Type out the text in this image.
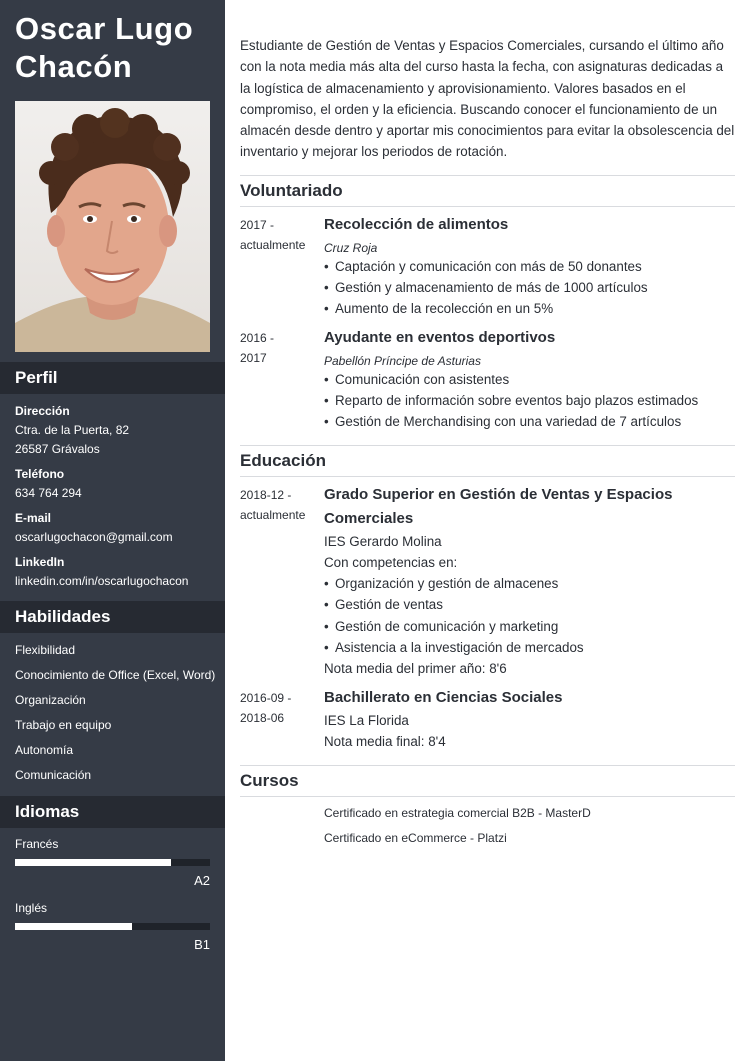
Oscar Lugo Chacón
Perfil
Dirección
Ctra. de la Puerta, 82
26587 Grávalos
Teléfono
634 764 294
E-mail
oscarlugochacon@gmail.com
LinkedIn
linkedin.com/in/oscarlugochacon
Habilidades
Flexibilidad
Conocimiento de Office (Excel, Word)
Organización
Trabajo en equipo
Autonomía
Comunicación
Idiomas
Francés
A2
Inglés
B1
Estudiante de Gestión de Ventas y Espacios Comerciales, cursando el último año con la nota media más alta del curso hasta la fecha, con asignaturas dedicadas a la logística de almacenamiento y aprovisionamiento. Valores basados en el compromiso, el orden y la eficiencia. Buscando conocer el funcionamiento de un almacén desde dentro y aportar mis conocimientos para evitar la obsolescencia del inventario y mejorar los periodos de rotación.
Voluntariado
2017 -
actualmente
Recolección de alimentos
Cruz Roja
• Captación y comunicación con más de 50 donantes
• Gestión y almacenamiento de más de 1000 artículos
• Aumento de la recolección en un 5%
2016 -
2017
Ayudante en eventos deportivos
Pabellón Príncipe de Asturias
• Comunicación con asistentes
• Reparto de información sobre eventos bajo plazos estimados
• Gestión de Merchandising con una variedad de 7 artículos
Educación
2018-12 -
actualmente
Grado Superior en Gestión de Ventas y Espacios Comerciales
IES Gerardo Molina
Con competencias en:
• Organización y gestión de almacenes
• Gestión de ventas
• Gestión de comunicación y marketing
• Asistencia a la investigación de mercados
Nota media del primer año: 8'6
2016-09 -
2018-06
Bachillerato en Ciencias Sociales
IES La Florida
Nota media final: 8'4
Cursos
Certificado en estrategia comercial B2B - MasterD
Certificado en eCommerce - Platzi
